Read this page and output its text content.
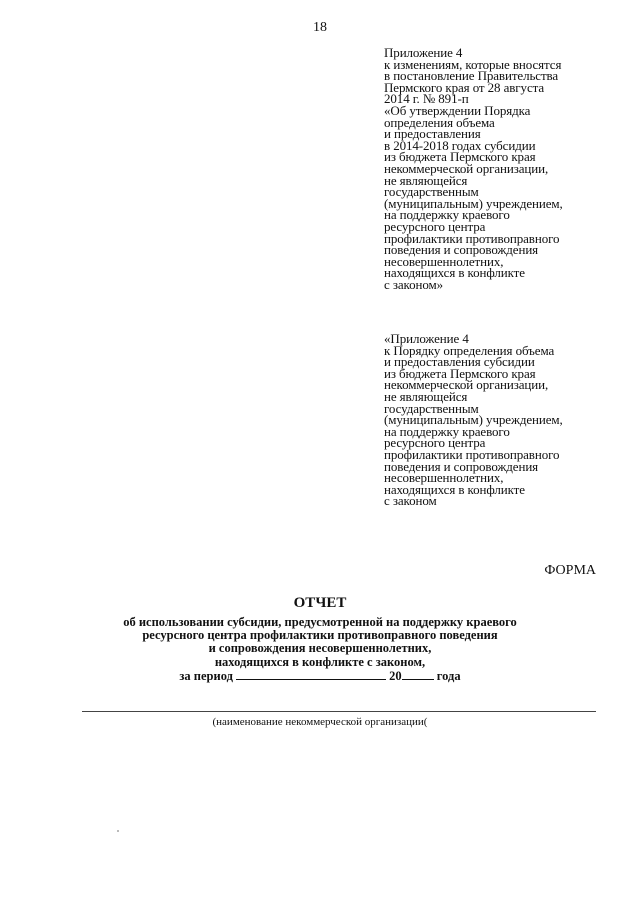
18
Приложение 4
к изменениям, которые вносятся
в постановление Правительства
Пермского края от 28 августа
2014 г. № 891-п
«Об утверждении Порядка
определения объема
и предоставления
в 2014-2018 годах субсидии
из бюджета Пермского края
некоммерческой организации,
не являющейся
государственным
(муниципальным) учреждением,
на поддержку краевого
ресурсного центра
профилактики противоправного
поведения и сопровождения
несовершеннолетних,
находящихся в конфликте
с законом»
«Приложение 4
к Порядку определения объема
и предоставления субсидии
из бюджета Пермского края
некоммерческой организации,
не являющейся
государственным
(муниципальным) учреждением,
на поддержку краевого
ресурсного центра
профилактики противоправного
поведения и сопровождения
несовершеннолетних,
находящихся в конфликте
с законом
ФОРМА
ОТЧЕТ
об использовании субсидии, предусмотренной на поддержку краевого
ресурсного центра профилактики противоправного поведения
и сопровождения несовершеннолетних,
находящихся в конфликте с законом,
за период	20	года
(наименование некоммерческой организации(
